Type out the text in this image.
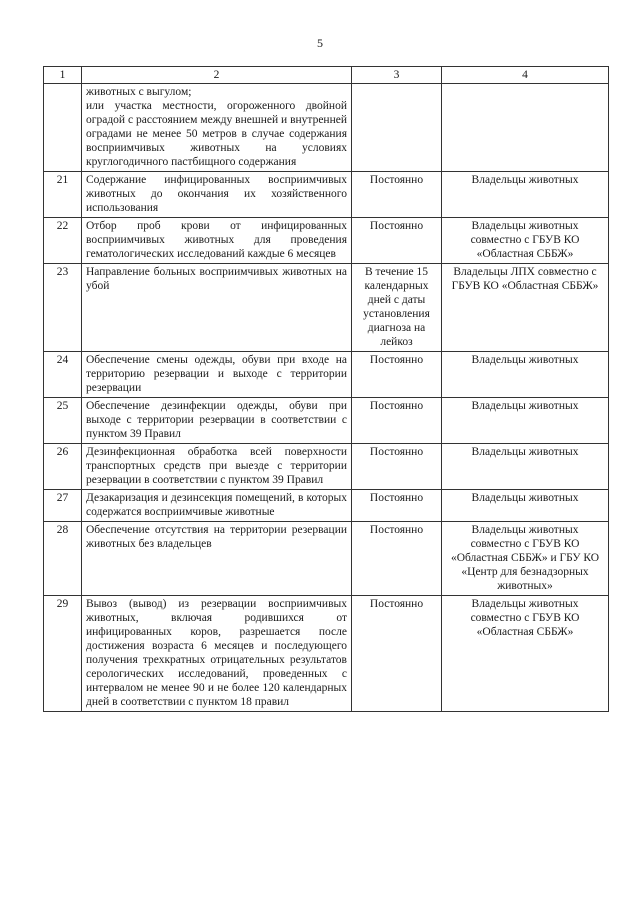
5
1	2	3	4

	животных с выгулом;
или участка местности, огороженного двойной оградой с расстоянием между внешней и внутренней оградами не менее 50 метров в случае содержания восприимчивых животных на условиях круглогодичного пастбищного содержания		

21	Содержание инфицированных восприимчивых животных до окончания их хозяйственного использования	Постоянно	Владельцы животных
22	Отбор проб крови от инфицированных восприимчивых животных для проведения гематологических исследований каждые 6 месяцев	Постоянно	Владельцы животных совместно с ГБУВ КО «Областная СББЖ»
23	Направление больных восприимчивых животных на убой	В течение 15 календарных дней с даты установления диагноза на лейкоз	Владельцы ЛПХ совместно с ГБУВ КО «Областная СББЖ»
24	Обеспечение смены одежды, обуви при входе на территорию резервации и выходе с территории резервации	Постоянно	Владельцы животных
25	Обеспечение дезинфекции одежды, обуви при выходе с территории резервации в соответствии с пунктом 39 Правил	Постоянно	Владельцы животных
26	Дезинфекционная обработка всей поверхности транспортных средств при выезде с территории резервации в соответствии с пунктом 39 Правил	Постоянно	Владельцы животных
27	Дезакаризация и дезинсекция помещений, в которых содержатся восприимчивые животные	Постоянно	Владельцы животных
28	Обеспечение отсутствия на территории резервации животных без владельцев	Постоянно	Владельцы животных совместно с ГБУВ КО «Областная СББЖ» и ГБУ КО «Центр для безнадзорных животных»
29	Вывоз (вывод) из резервации восприимчивых животных, включая родившихся от инфицированных коров, разрешается после достижения возраста 6 месяцев и последующего получения трехкратных отрицательных результатов серологических исследований, проведенных с интервалом не менее 90 и не более 120 календарных дней в соответствии с пунктом 18 правил	Постоянно	Владельцы животных совместно с ГБУВ КО «Областная СББЖ»
